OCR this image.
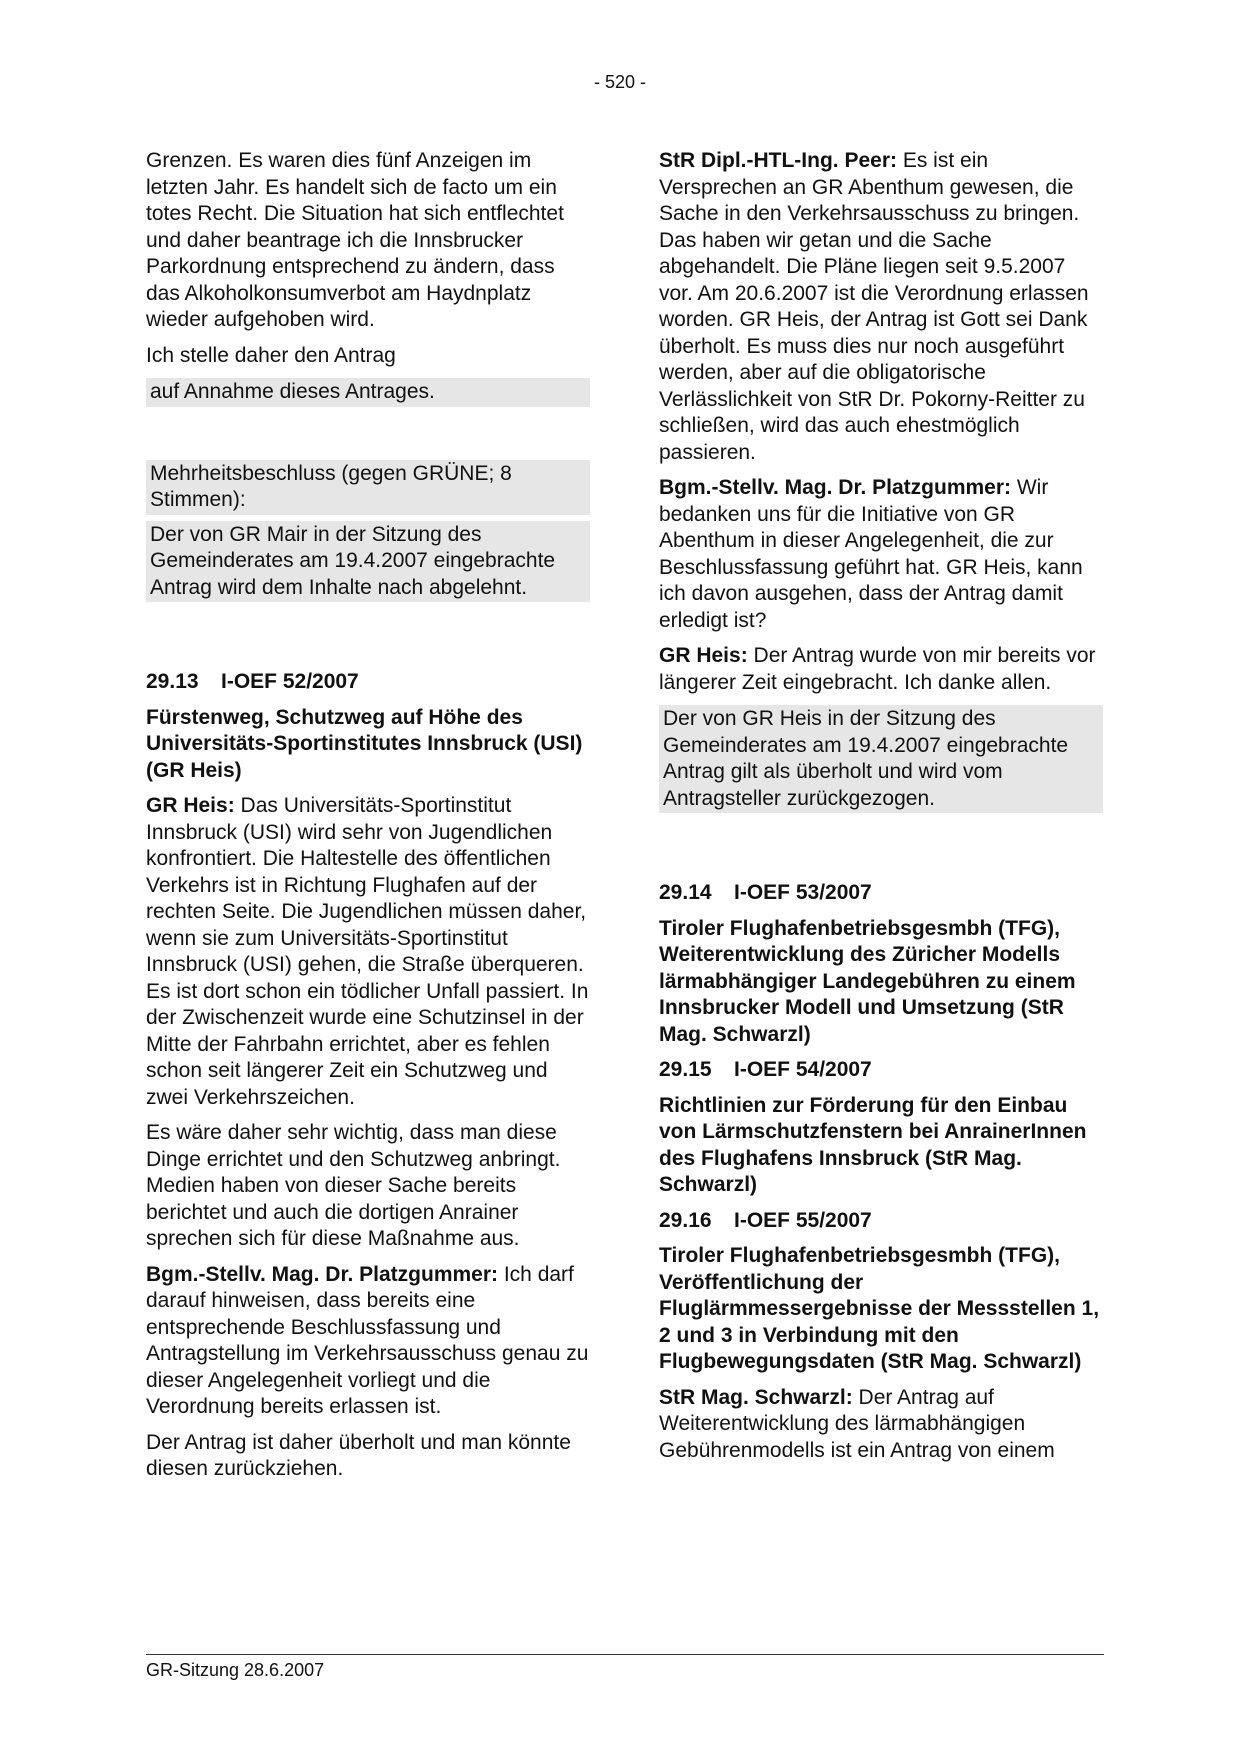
- 520 -

Grenzen. Es waren dies fünf Anzeigen im letzten Jahr. Es handelt sich de facto um ein totes Recht. Die Situation hat sich entflechtet und daher beantrage ich die Innsbrucker Parkordnung entsprechend zu ändern, dass das Alkoholkonsumverbot am Haydnplatz wieder aufgehoben wird.

Ich stelle daher den Antrag

auf Annahme dieses Antrages.

Mehrheitsbeschluss (gegen GRÜNE; 8 Stimmen):

Der von GR Mair in der Sitzung des Gemeinderates am 19.4.2007 eingebrachte Antrag wird dem Inhalte nach abgelehnt.

29.13 I-OEF 52/2007

Fürstenweg, Schutzweg auf Höhe des Universitäts-Sportinstitutes Innsbruck (USI) (GR Heis)

GR Heis: Das Universitäts-Sportinstitut Innsbruck (USI) wird sehr von Jugendlichen konfrontiert. Die Haltestelle des öffentlichen Verkehrs ist in Richtung Flughafen auf der rechten Seite. Die Jugendlichen müssen daher, wenn sie zum Universitäts-Sportinstitut Innsbruck (USI) gehen, die Straße überqueren. Es ist dort schon ein tödlicher Unfall passiert. In der Zwischenzeit wurde eine Schutzinsel in der Mitte der Fahrbahn errichtet, aber es fehlen schon seit längerer Zeit ein Schutzweg und zwei Verkehrszeichen.

Es wäre daher sehr wichtig, dass man diese Dinge errichtet und den Schutzweg anbringt. Medien haben von dieser Sache bereits berichtet und auch die dortigen Anrainer sprechen sich für diese Maßnahme aus.

Bgm.-Stellv. Mag. Dr. Platzgummer: Ich darf darauf hinweisen, dass bereits eine entsprechende Beschlussfassung und Antragstellung im Verkehrsausschuss genau zu dieser Angelegenheit vorliegt und die Verordnung bereits erlassen ist.

Der Antrag ist daher überholt und man könnte diesen zurückziehen.

StR Dipl.-HTL-Ing. Peer: Es ist ein Versprechen an GR Abenthum gewesen, die Sache in den Verkehrsausschuss zu bringen. Das haben wir getan und die Sache abgehandelt. Die Pläne liegen seit 9.5.2007 vor. Am 20.6.2007 ist die Verordnung erlassen worden. GR Heis, der Antrag ist Gott sei Dank überholt. Es muss dies nur noch ausgeführt werden, aber auf die obligatorische Verlässlichkeit von StR Dr. Pokorny-Reitter zu schließen, wird das auch ehestmöglich passieren.

Bgm.-Stellv. Mag. Dr. Platzgummer: Wir bedanken uns für die Initiative von GR Abenthum in dieser Angelegenheit, die zur Beschlussfassung geführt hat. GR Heis, kann ich davon ausgehen, dass der Antrag damit erledigt ist?

GR Heis: Der Antrag wurde von mir bereits vor längerer Zeit eingebracht. Ich danke allen.

Der von GR Heis in der Sitzung des Gemeinderates am 19.4.2007 eingebrachte Antrag gilt als überholt und wird vom Antragsteller zurückgezogen.

29.14 I-OEF 53/2007

Tiroler Flughafenbetriebsgesmbh (TFG), Weiterentwicklung des Züricher Modells lärmabhängiger Landegebühren zu einem Innsbrucker Modell und Umsetzung (StR Mag. Schwarzl)

29.15 I-OEF 54/2007

Richtlinien zur Förderung für den Einbau von Lärmschutzfenstern bei AnrainerInnen des Flughafens Innsbruck (StR Mag. Schwarzl)

29.16 I-OEF 55/2007

Tiroler Flughafenbetriebsgesmbh (TFG), Veröffentlichung der Fluglärmmessergebnisse der Messstellen 1, 2 und 3 in Verbindung mit den Flugbewegungsdaten (StR Mag. Schwarzl)

StR Mag. Schwarzl: Der Antrag auf Weiterentwicklung des lärmabhängigen Gebührenmodells ist ein Antrag von einem

GR-Sitzung 28.6.2007
